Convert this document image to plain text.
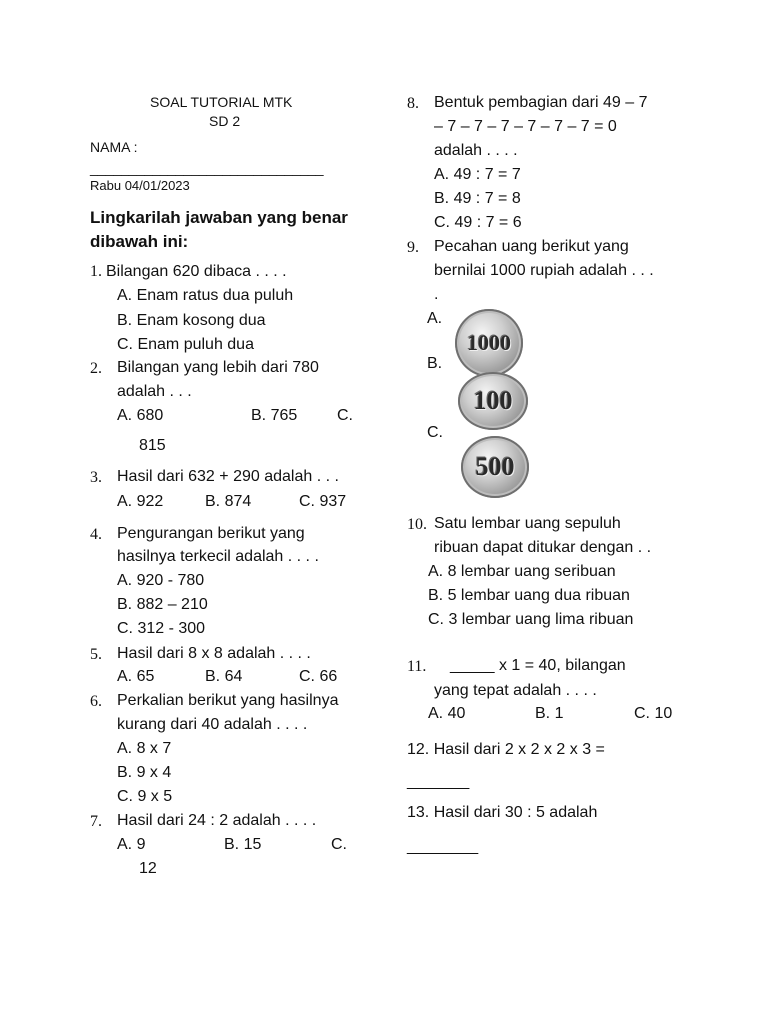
SOAL TUTORIAL MTK
SD 2
NAMA :
______________________________
Rabu 04/01/2023
Lingkarilah jawaban yang benar
dibawah ini:
1. Bilangan 620 dibaca . . . .
A. Enam ratus dua puluh
B. Enam kosong dua
C. Enam puluh dua
2. Bilangan yang lebih dari 780
adalah . . .
A. 680	B. 765 C.
815
3. Hasil dari 632 + 290 adalah . . .
A. 922	B. 874	C. 937
4. Pengurangan berikut yang
hasilnya terkecil adalah . . . .
A. 920 - 780
B. 882 – 210
C. 312 - 300
5. Hasil dari 8 x 8 adalah . . . .
A. 65	B. 64	C. 66
6. Perkalian berikut yang hasilnya
kurang dari 40 adalah . . . .
A. 8 x 7
B. 9 x 4
C. 9 x 5
7. Hasil dari 24 : 2 adalah . . . .
A. 9	B. 15	C.
12
8. Bentuk pembagian dari 49 – 7
– 7 – 7 – 7 – 7 – 7 – 7 = 0
adalah . . . .
A. 49 : 7 = 7
B. 49 : 7 = 8
C. 49 : 7 = 6
9. Pecahan uang berikut yang
bernilai 1000 rupiah adalah . . .
.
A.
B.
C.
1000
100
500
10. Satu lembar uang sepuluh
ribuan dapat ditukar dengan . .
A. 8 lembar uang seribuan
B. 5 lembar uang dua ribuan
C. 3 lembar uang lima ribuan
11. _____ x 1 = 40, bilangan
yang tepat adalah . . . .
A. 40	B. 1	C. 10
12. Hasil dari 2 x 2 x 2 x 3 =
_______
13. Hasil dari 30 : 5 adalah
________
